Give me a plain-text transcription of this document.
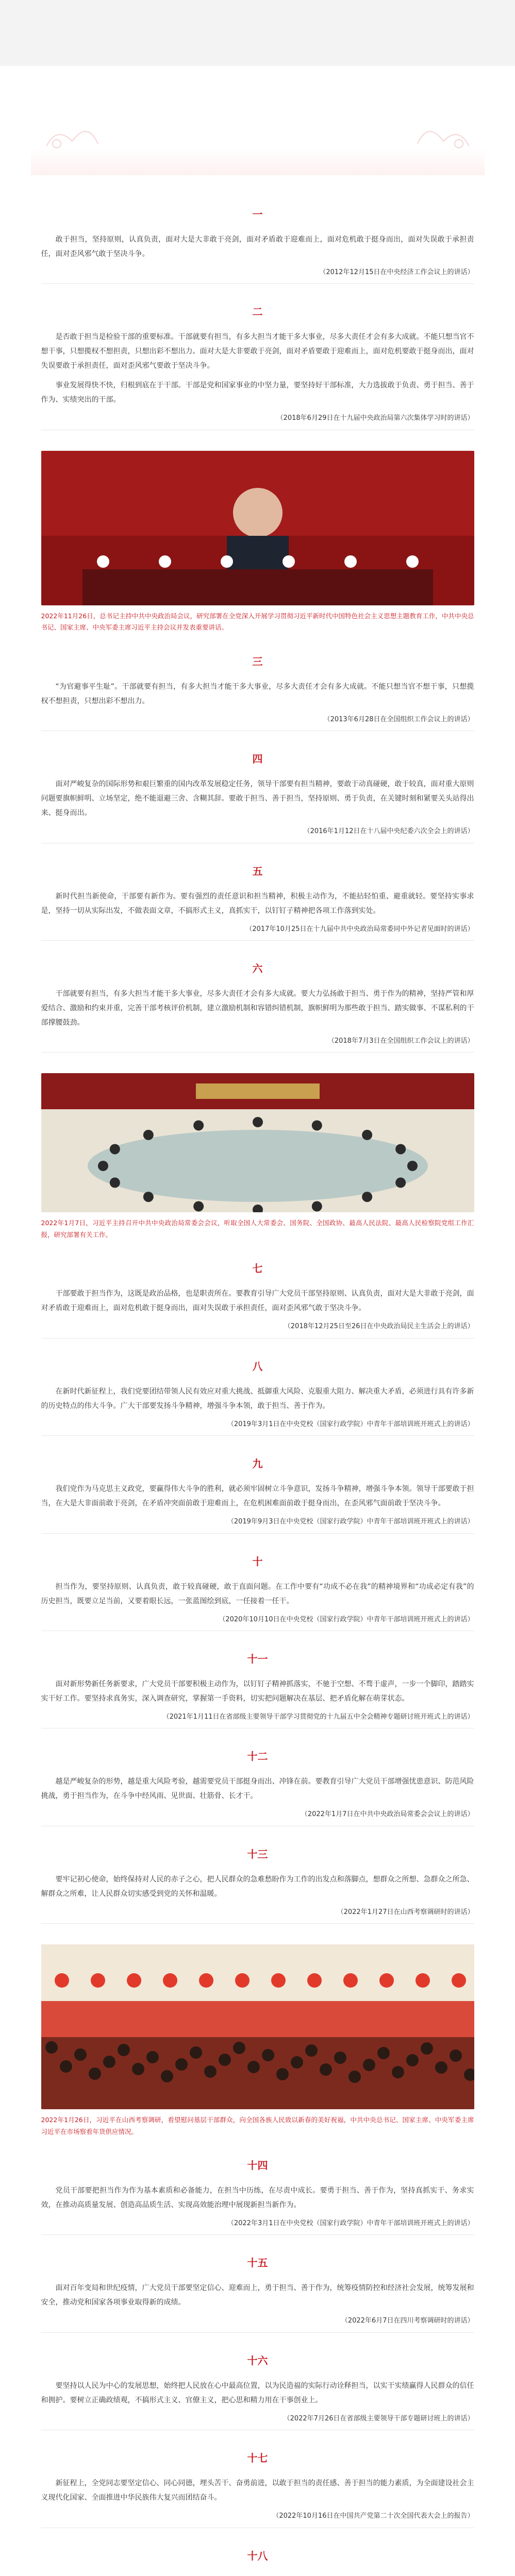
一

敢于担当，坚持原则，认真负责，面对大是大非敢于亮剑，面对矛盾敢于迎难而上，面对危机敢于挺身而出，面对失误敢于承担责任，面对歪风邪气敢于坚决斗争。

（2012年12月15日在中央经济工作会议上的讲话）
二

是否敢于担当是检验干部的重要标准。干部就要有担当，有多大担当才能干多大事业，尽多大责任才会有多大成就。不能只想当官不想干事，只想揽权不想担责，只想出彩不想出力。面对大是大非要敢于亮剑，面对矛盾要敢于迎难而上，面对危机要敢于挺身而出，面对失误要敢于承担责任，面对歪风邪气要敢于坚决斗争。

事业发展得快不快，归根到底在于干部。干部是党和国家事业的中坚力量，要坚持好干部标准，大力选拔敢于负责、勇于担当、善于作为、实绩突出的干部。

（2018年6月29日在十九届中央政治局第六次集体学习时的讲话）
2022年11月26日，总书记主持中共中央政治局会议，研究部署在全党深入开展学习贯彻习近平新时代中国特色社会主义思想主题教育工作，中共中央总书记、国家主席、中央军委主席习近平主持会议并发表重要讲话。
三

“为官避事平生耻”。干部就要有担当，有多大担当才能干多大事业，尽多大责任才会有多大成就。不能只想当官不想干事，只想揽权不想担责，只想出彩不想出力。

（2013年6月28日在全国组织工作会议上的讲话）
四

面对严峻复杂的国际形势和艰巨繁重的国内改革发展稳定任务，领导干部要有担当精神，要敢于动真碰硬，敢于较真，面对重大原则问题要旗帜鲜明、立场坚定，绝不能退避三舍、含糊其辞。要敢于担当、善于担当，坚持原则、勇于负责，在关键时刻和紧要关头站得出来、挺身而出。

（2016年1月12日在十八届中央纪委六次全会上的讲话）
五

新时代担当新使命，干部要有新作为。要有强烈的责任意识和担当精神，积极主动作为，不能拈轻怕重、避重就轻。要坚持实事求是，坚持一切从实际出发，不做表面文章，不搞形式主义，真抓实干，以钉钉子精神把各项工作落到实处。

（2017年10月25日在十九届中共中央政治局常委同中外记者见面时的讲话）
六

干部就要有担当，有多大担当才能干多大事业，尽多大责任才会有多大成就。要大力弘扬敢于担当、勇于作为的精神，坚持严管和厚爱结合、激励和约束并重，完善干部考核评价机制，建立激励机制和容错纠错机制，旗帜鲜明为那些敢于担当、踏实做事、不谋私利的干部撑腰鼓劲。

（2018年7月3日在全国组织工作会议上的讲话）
2022年1月7日，习近平主持召开中共中央政治局常委会会议，听取全国人大常委会、国务院、全国政协、最高人民法院、最高人民检察院党组工作汇报，研究部署有关工作。
七

干部要敢于担当作为，这既是政治品格，也是职责所在。要教育引导广大党员干部坚持原则、认真负责，面对大是大非敢于亮剑，面对矛盾敢于迎难而上，面对危机敢于挺身而出，面对失误敢于承担责任，面对歪风邪气敢于坚决斗争。

（2018年12月25日至26日在中央政治局民主生活会上的讲话）
八

在新时代新征程上，我们党要团结带领人民有效应对重大挑战、抵御重大风险、克服重大阻力、解决重大矛盾，必须进行具有许多新的历史特点的伟大斗争。广大干部要发扬斗争精神，增强斗争本领，敢于担当、善于作为。

（2019年3月1日在中央党校（国家行政学院）中青年干部培训班开班式上的讲话）
九

我们党作为马克思主义政党，要赢得伟大斗争的胜利，就必须牢固树立斗争意识，发扬斗争精神，增强斗争本领。领导干部要敢于担当，在大是大非面前敢于亮剑，在矛盾冲突面前敢于迎难而上，在危机困难面前敢于挺身而出，在歪风邪气面前敢于坚决斗争。

（2019年9月3日在中央党校（国家行政学院）中青年干部培训班开班式上的讲话）
十

担当作为，要坚持原则、认真负责，敢于较真碰硬，敢于直面问题。在工作中要有“功成不必在我”的精神境界和“功成必定有我”的历史担当，既要立足当前，又要着眼长远，一张蓝图绘到底，一任接着一任干。

（2020年10月10日在中央党校（国家行政学院）中青年干部培训班开班式上的讲话）
十一

面对新形势新任务新要求，广大党员干部要积极主动作为，以钉钉子精神抓落实，不驰于空想、不骛于虚声，一步一个脚印，踏踏实实干好工作。要坚持求真务实，深入调查研究，掌握第一手资料，切实把问题解决在基层、把矛盾化解在萌芽状态。

（2021年1月11日在省部级主要领导干部学习贯彻党的十九届五中全会精神专题研讨班开班式上的讲话）
十二

越是严峻复杂的形势，越是重大风险考验，越需要党员干部挺身而出、冲锋在前。要教育引导广大党员干部增强忧患意识、防范风险挑战，勇于担当作为，在斗争中经风雨、见世面、壮筋骨、长才干。

（2022年1月7日在中共中央政治局常委会会议上的讲话）
十三

要牢记初心使命，始终保持对人民的赤子之心，把人民群众的急难愁盼作为工作的出发点和落脚点，想群众之所想、急群众之所急、解群众之所难，让人民群众切实感受到党的关怀和温暖。

（2022年1月27日在山西考察调研时的讲话）
2022年1月26日，习近平在山西考察调研，看望慰问基层干部群众，向全国各族人民致以新春的美好祝福，中共中央总书记、国家主席、中央军委主席习近平在市场察看年货供应情况。
十四

党员干部要把担当作为作为基本素质和必备能力，在担当中历练，在尽责中成长。要勇于担当、善于作为，坚持真抓实干、务求实效，在推动高质量发展、创造高品质生活、实现高效能治理中展现新担当新作为。

（2022年3月1日在中央党校（国家行政学院）中青年干部培训班开班式上的讲话）
十五

面对百年变局和世纪疫情，广大党员干部要坚定信心、迎难而上，勇于担当、善于作为，统筹疫情防控和经济社会发展，统筹发展和安全，推动党和国家各项事业取得新的成绩。

（2022年6月7日在四川考察调研时的讲话）
十六

要坚持以人民为中心的发展思想，始终把人民放在心中最高位置，以为民造福的实际行动诠释担当，以实干实绩赢得人民群众的信任和拥护。要树立正确政绩观，不搞形式主义、官僚主义，把心思和精力用在干事创业上。

（2022年7月26日在省部级主要领导干部专题研讨班上的讲话）
十七

新征程上，全党同志要坚定信心、同心同德，埋头苦干、奋勇前进，以敢于担当的责任感、善于担当的能力素质，为全面建设社会主义现代化国家、全面推进中华民族伟大复兴而团结奋斗。

（2022年10月16日在中国共产党第二十次全国代表大会上的报告）
十八
